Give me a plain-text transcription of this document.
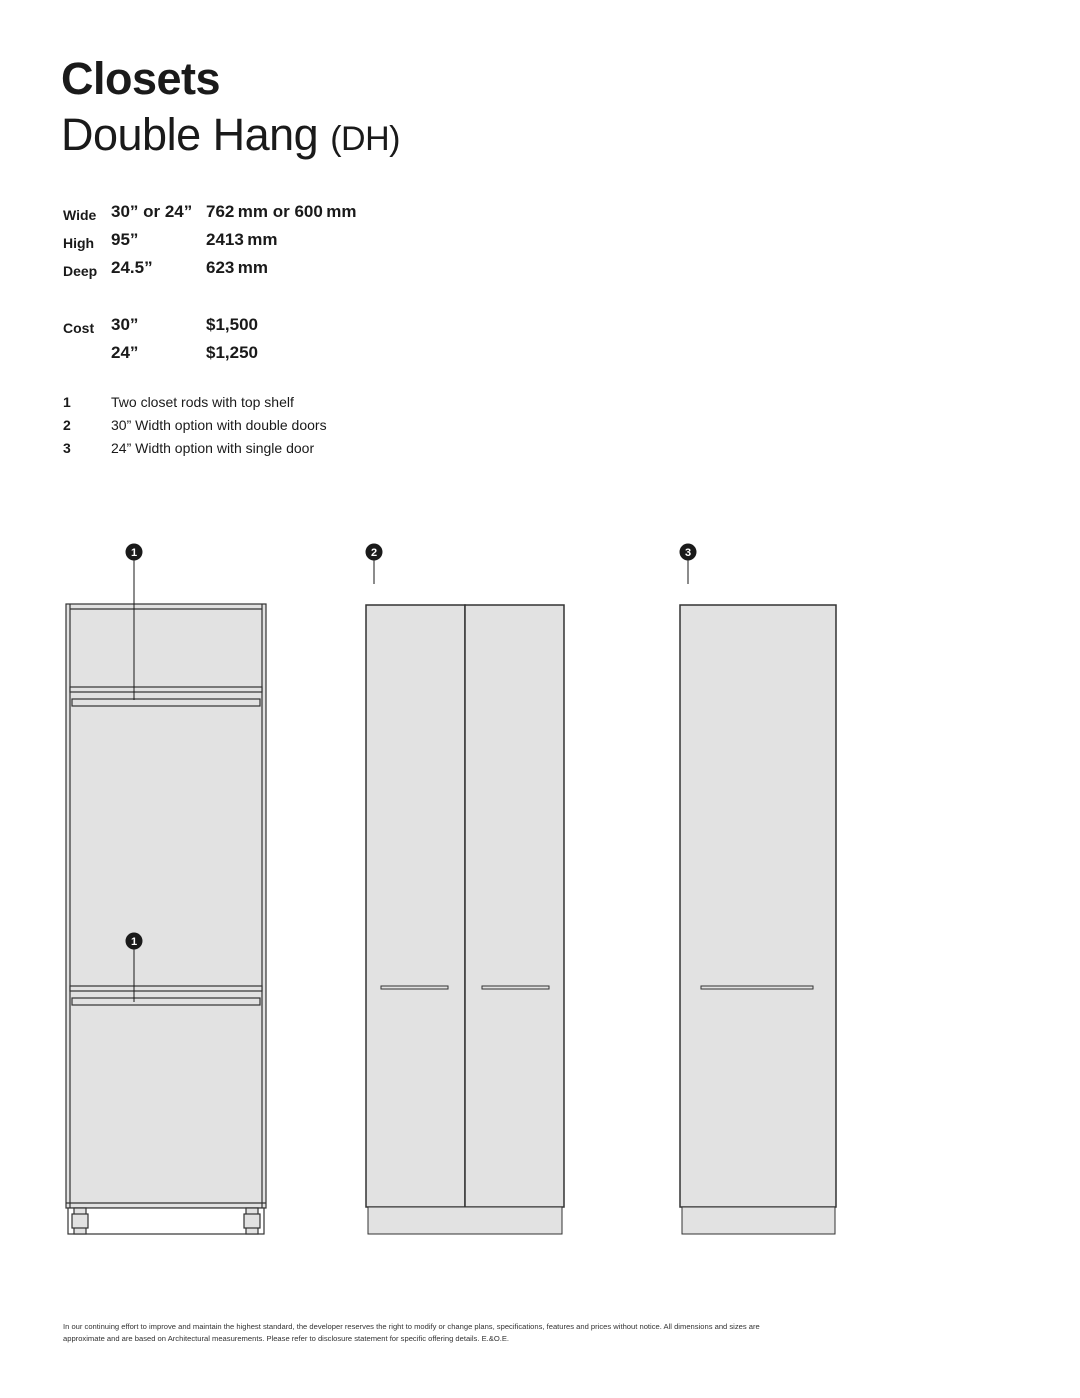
Closets
Double Hang (DH)
Wide 30” or 24” 762 mm or 600 mm
High 95”	2413 mm
Deep 24.5”	623 mm
Cost 30”	$1,500
24”	$1,250
1	Two closet rods with top shelf
2	30” Width option with double doors
3	24” Width option with single door
1
1
2	3

In our continuing effort to improve and maintain the highest standard, the developer reserves the right to modify or change plans, specifications, features and prices without notice. All dimensions and sizes are approximate and are based on Architectural measurements. Please refer to disclosure statement for specific offering details. E.&O.E.
